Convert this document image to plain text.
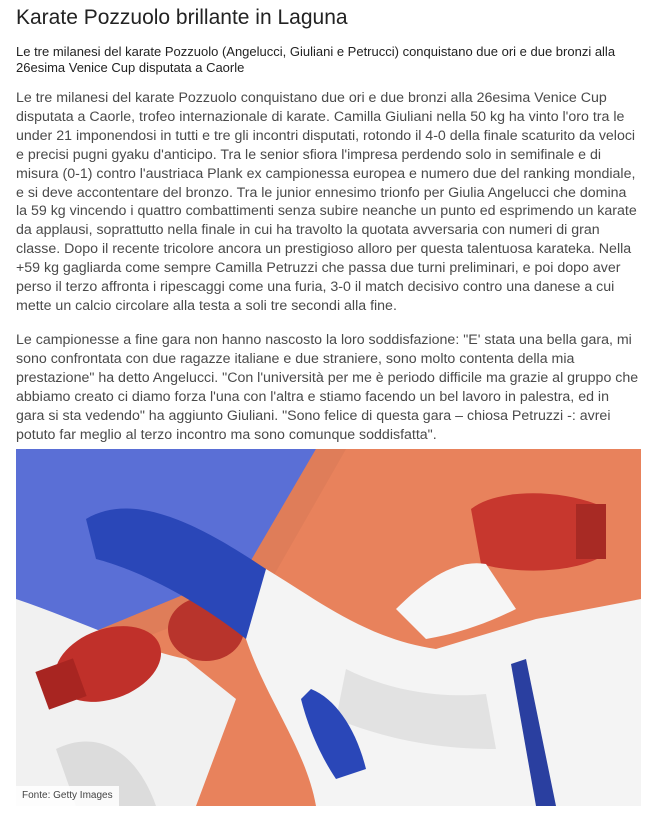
Karate Pozzuolo brillante in Laguna

Le tre milanesi del karate Pozzuolo (Angelucci, Giuliani e Petrucci) conquistano due ori e due bronzi alla 26esima Venice Cup disputata a Caorle

Le tre milanesi del karate Pozzuolo conquistano due ori e due bronzi alla 26esima Venice Cup disputata a Caorle, trofeo internazionale di karate. Camilla Giuliani nella 50 kg ha vinto l'oro tra le under 21 imponendosi in tutti e tre gli incontri disputati, rotondo il 4-0 della finale scaturito da veloci e precisi pugni gyaku d'anticipo. Tra le senior sfiora l'impresa perdendo solo in semifinale e di misura (0-1) contro l'austriaca Plank ex campionessa europea e numero due del ranking mondiale, e si deve accontentare del bronzo. Tra le junior ennesimo trionfo per Giulia Angelucci che domina la 59 kg vincendo i quattro combattimenti senza subire neanche un punto ed esprimendo un karate da applausi, soprattutto nella finale in cui ha travolto la quotata avversaria con numeri di gran classe. Dopo il recente tricolore ancora un prestigioso alloro per questa talentuosa karateka. Nella +59 kg gagliarda come sempre Camilla Petruzzi che passa due turni preliminari, e poi dopo aver perso il terzo affronta i ripescaggi come una furia, 3-0 il match decisivo contro una danese a cui mette un calcio circolare alla testa a soli tre secondi alla fine.

Le campionesse a fine gara non hanno nascosto la loro soddisfazione: "E' stata una bella gara, mi sono confrontata con due ragazze italiane e due straniere, sono molto contenta della mia prestazione" ha detto Angelucci. "Con l'università per me è periodo difficile ma grazie al gruppo che abbiamo creato ci diamo forza l'una con l'altra e stiamo facendo un bel lavoro in palestra, ed in gara si sta vedendo" ha aggiunto Giuliani. "Sono felice di questa gara – chiosa Petruzzi -: avrei potuto far meglio al terzo incontro ma sono comunque soddisfatta".

Fonte: Getty Images
